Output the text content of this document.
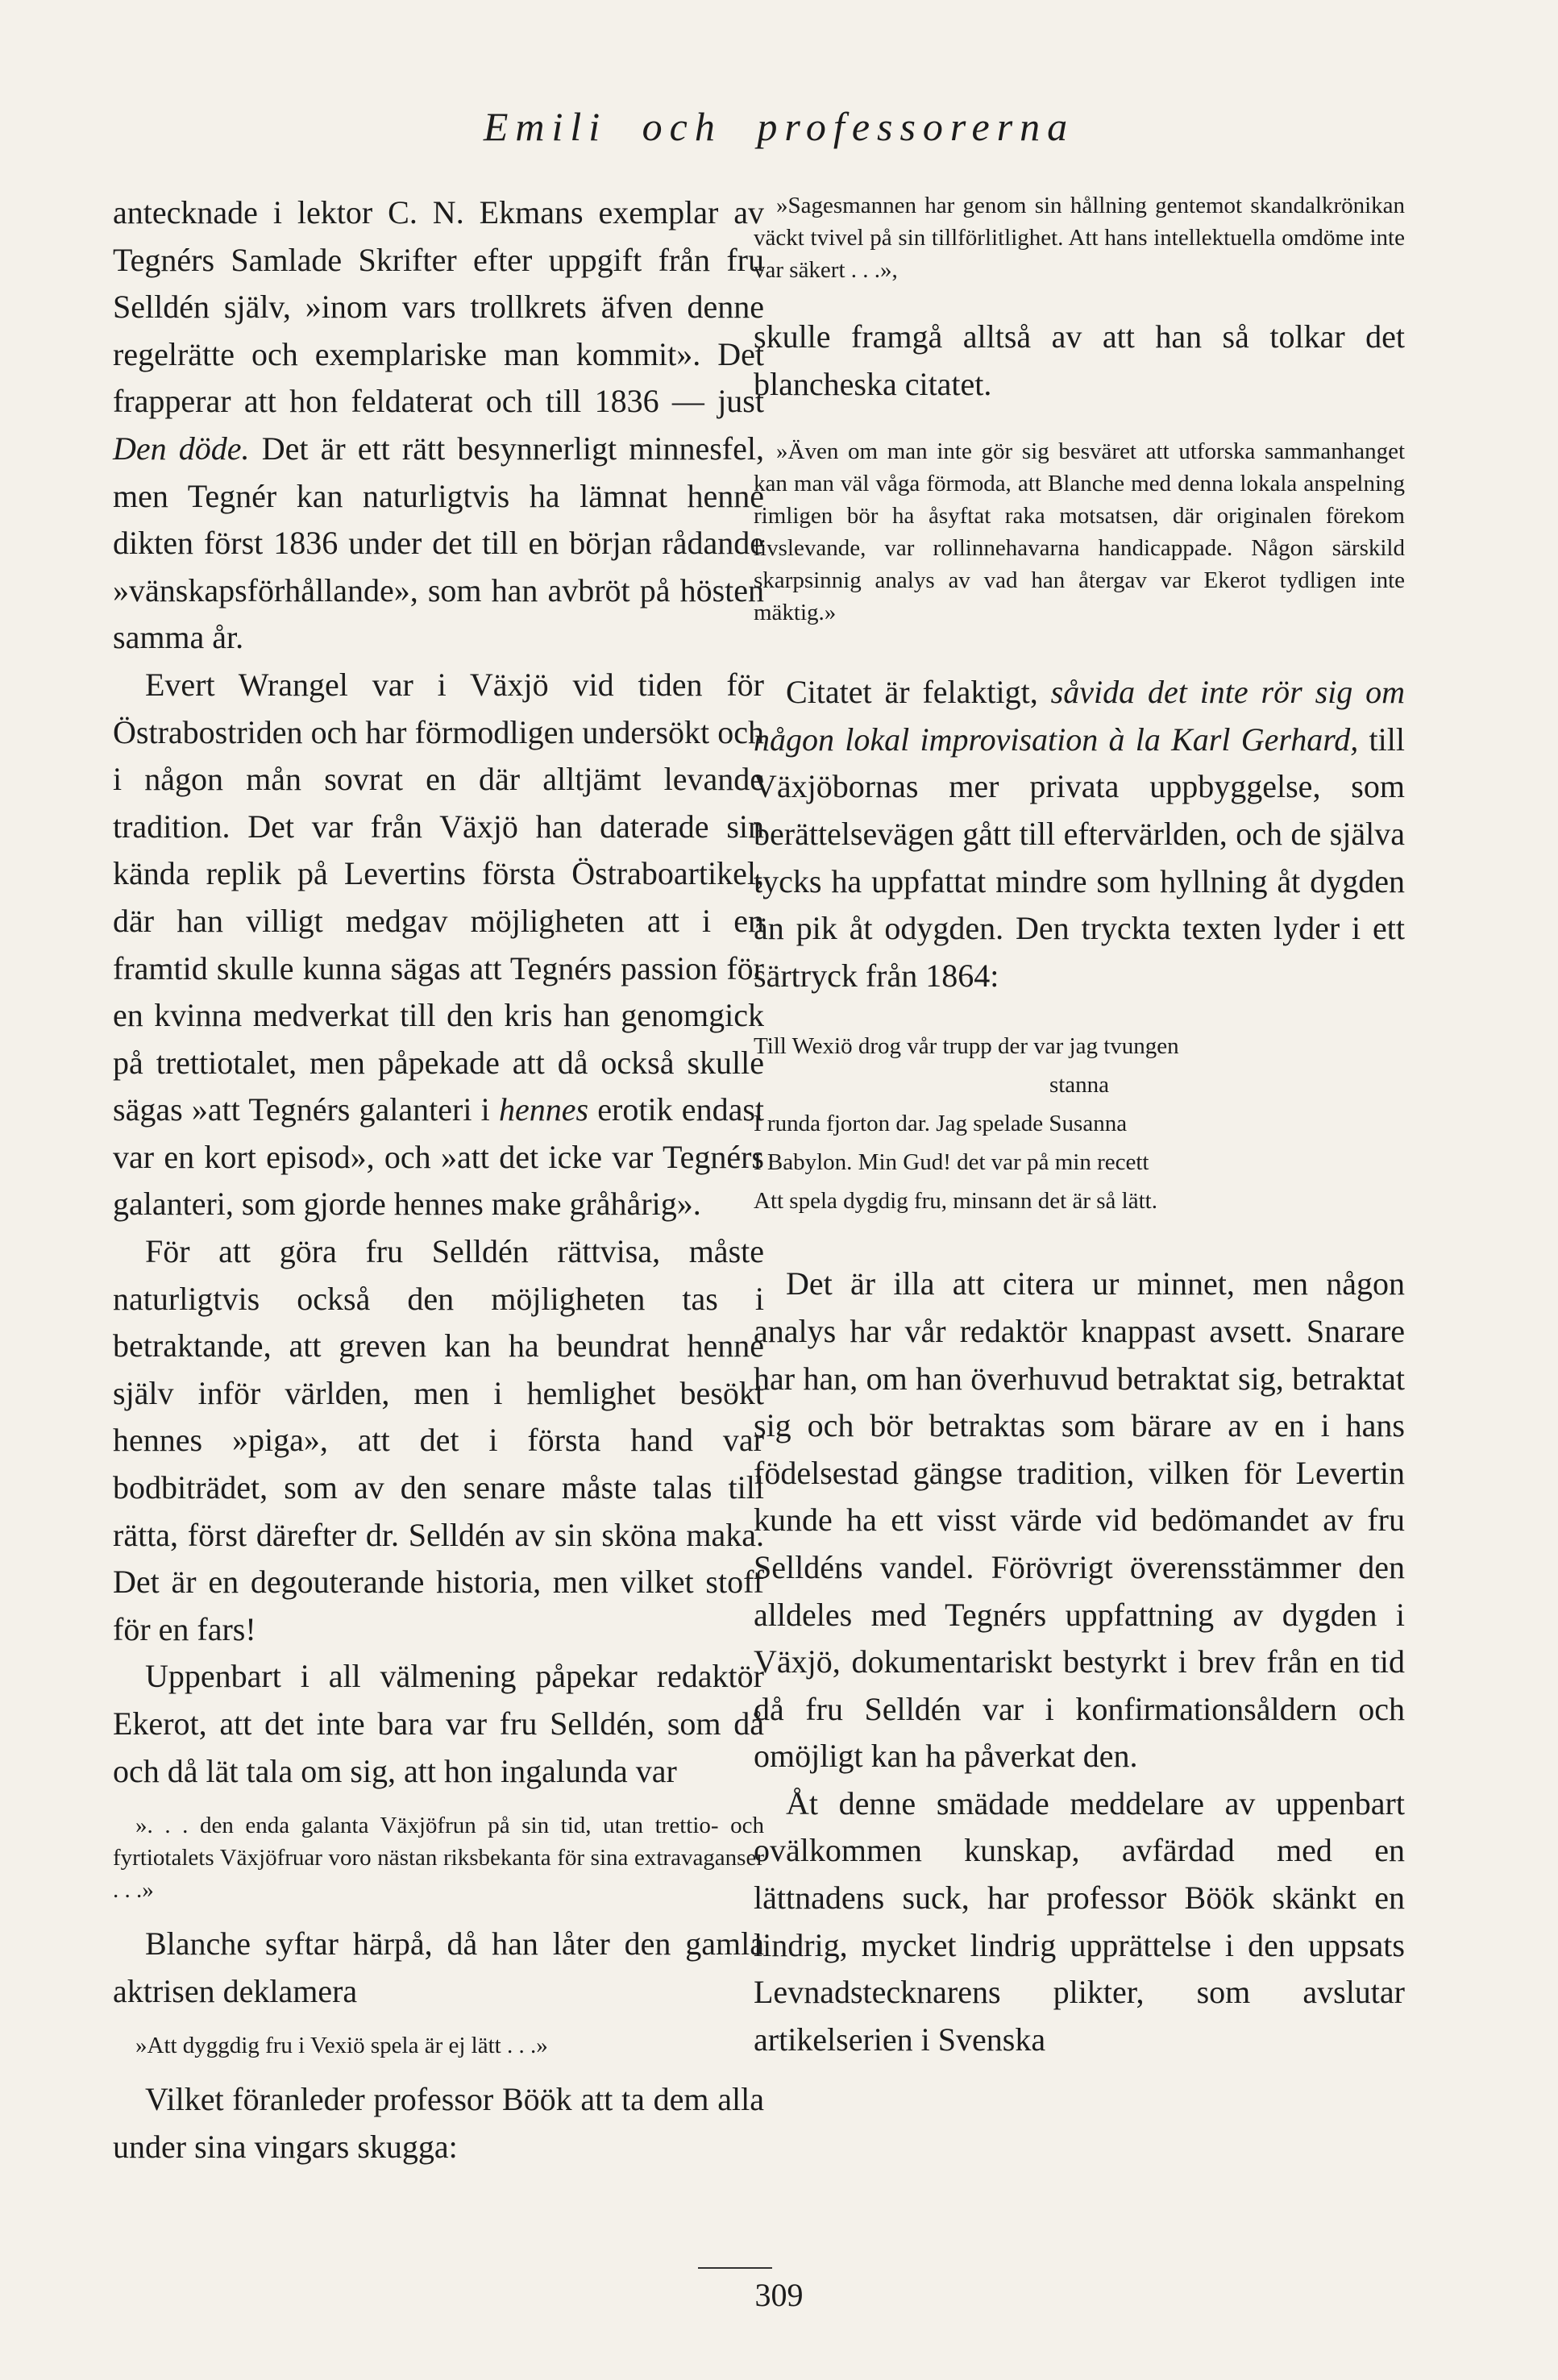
Emili och professorerna

antecknade i lektor C. N. Ekmans exemplar av Tegnérs Samlade Skrifter efter uppgift från fru Selldén själv, »inom vars trollkrets äfven denne regelrätte och exemplariske man kommit». Det frapperar att hon feldaterat och till 1836 — just Den döde. Det är ett rätt besynnerligt minnesfel, men Tegnér kan naturligtvis ha lämnat henne dikten först 1836 under det till en början rådande »vänskapsförhållande», som han avbröt på hösten samma år.

Evert Wrangel var i Växjö vid tiden för Östrabostriden och har förmodligen undersökt och i någon mån sovrat en där alltjämt levande tradition. Det var från Växjö han daterade sin kända replik på Levertins första Östraboartikel, där han villigt medgav möjligheten att i en framtid skulle kunna sägas att Tegnérs passion för en kvinna medverkat till den kris han genomgick på trettiotalet, men påpekade att då också skulle sägas »att Tegnérs galanteri i hennes erotik endast var en kort episod», och »att det icke var Tegnérs galanteri, som gjorde hennes make gråhårig».

För att göra fru Selldén rättvisa, måste naturligtvis också den möjligheten tas i betraktande, att greven kan ha beundrat henne själv inför världen, men i hemlighet besökt hennes »piga», att det i första hand var bodbiträdet, som av den senare måste talas till rätta, först därefter dr. Selldén av sin sköna maka. Det är en degouterande historia, men vilket stoff för en fars!

Uppenbart i all välmening påpekar redaktör Ekerot, att det inte bara var fru Selldén, som då och då lät tala om sig, att hon ingalunda var

». . . den enda galanta Växjöfrun på sin tid, utan trettio- och fyrtiotalets Växjöfruar voro nästan riksbekanta för sina extravaganser . . .»

Blanche syftar härpå, då han låter den gamla aktrisen deklamera

»Att dyggdig fru i Vexiö spela är ej lätt . . .»

Vilket föranleder professor Böök att ta dem alla under sina vingars skugga:

»Sagesmannen har genom sin hållning gentemot skandalkrönikan väckt tvivel på sin tillförlitlighet. Att hans intellektuella omdöme inte var säkert . . .»,

skulle framgå alltså av att han så tolkar det blancheska citatet.

»Även om man inte gör sig besväret att utforska sammanhanget kan man väl våga förmoda, att Blanche med denna lokala anspelning rimligen bör ha åsyftat raka motsatsen, där originalen förekom livslevande, var rollinnehavarna handicappade. Någon särskild skarpsinnig analys av vad han återgav var Ekerot tydligen inte mäktig.»

Citatet är felaktigt, såvida det inte rör sig om någon lokal improvisation à la Karl Gerhard, till Växjöbornas mer privata uppbyggelse, som berättelsevägen gått till eftervärlden, och de själva tycks ha uppfattat mindre som hyllning åt dygden än pik åt odygden. Den tryckta texten lyder i ett särtryck från 1864:

Till Wexiö drog vår trupp der var jag tvungen
stanna
I runda fjorton dar. Jag spelade Susanna
I Babylon. Min Gud! det var på min recett
Att spela dygdig fru, minsann det är så lätt.

Det är illa att citera ur minnet, men någon analys har vår redaktör knappast avsett. Snarare har han, om han överhuvud betraktat sig, betraktat sig och bör betraktas som bärare av en i hans födelsestad gängse tradition, vilken för Levertin kunde ha ett visst värde vid bedömandet av fru Selldéns vandel. Förövrigt överensstämmer den alldeles med Tegnérs uppfattning av dygden i Växjö, dokumentariskt bestyrkt i brev från en tid då fru Selldén var i konfirmationsåldern och omöjligt kan ha påverkat den.

Åt denne smädade meddelare av uppenbart ovälkommen kunskap, avfärdad med en lättnadens suck, har professor Böök skänkt en lindrig, mycket lindrig upprättelse i den uppsats Levnadstecknarens plikter, som avslutar artikelserien i Svenska

309
